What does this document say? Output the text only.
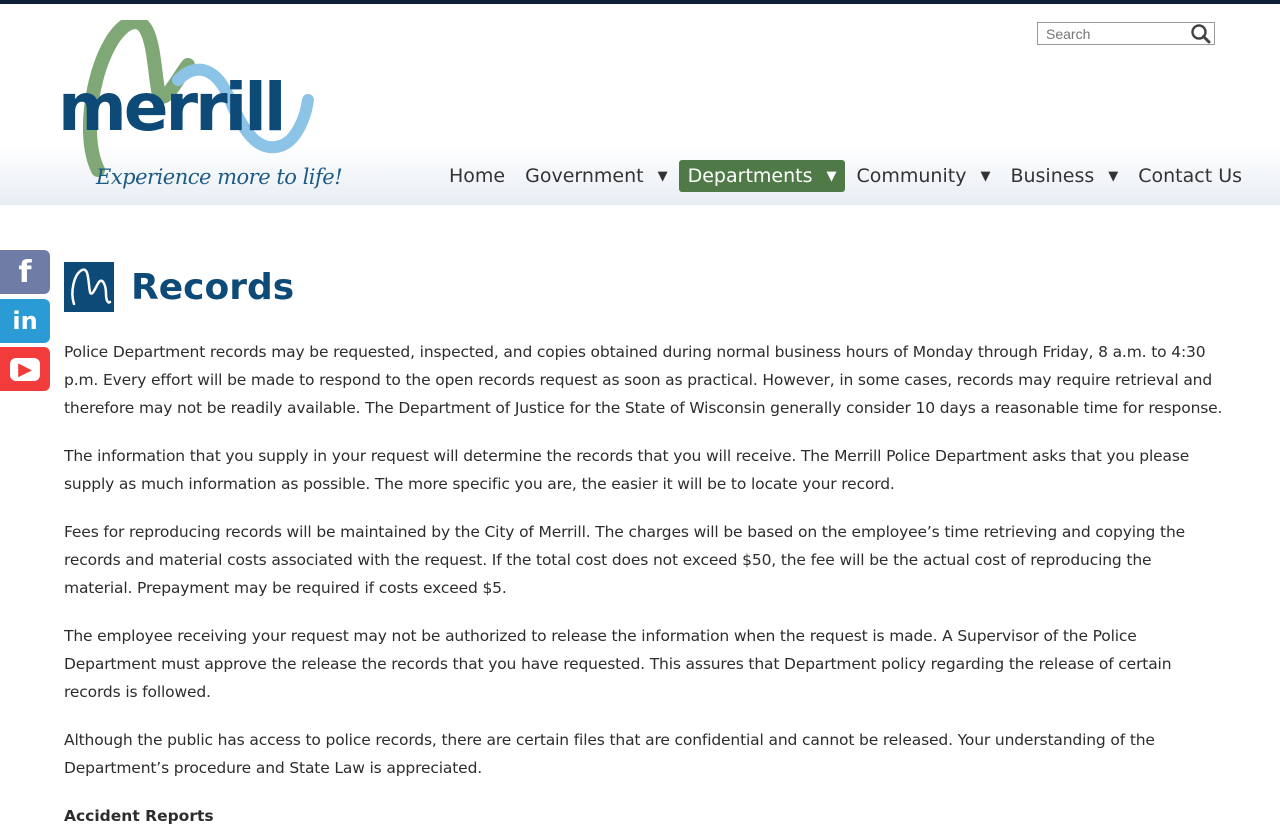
merrill
Experience more to life!
Search	Home Government ▼ Departments ▼ Community ▼ Business ▼ Contact Us
f
in
▶
Records

Police Department records may be requested, inspected, and copies obtained during normal business hours of Monday through Friday, 8 a.m. to 4:30 p.m. Every effort will be made to respond to the open records request as soon as practical. However, in some cases, records may require retrieval and therefore may not be readily available. The Department of Justice for the State of Wisconsin generally consider 10 days a reasonable time for response.

The information that you supply in your request will determine the records that you will receive. The Merrill Police Department asks that you please supply as much information as possible. The more specific you are, the easier it will be to locate your record.

Fees for reproducing records will be maintained by the City of Merrill. The charges will be based on the employee’s time retrieving and copying the records and material costs associated with the request. If the total cost does not exceed $50, the fee will be the actual cost of reproducing the material. Prepayment may be required if costs exceed $5.

The employee receiving your request may not be authorized to release the information when the request is made. A Supervisor of the Police Department must approve the release the records that you have requested. This assures that Department policy regarding the release of certain records is followed.

Although the public has access to police records, there are certain files that are confidential and cannot be released. Your understanding of the Department’s procedure and State Law is appreciated.

Accident Reports
